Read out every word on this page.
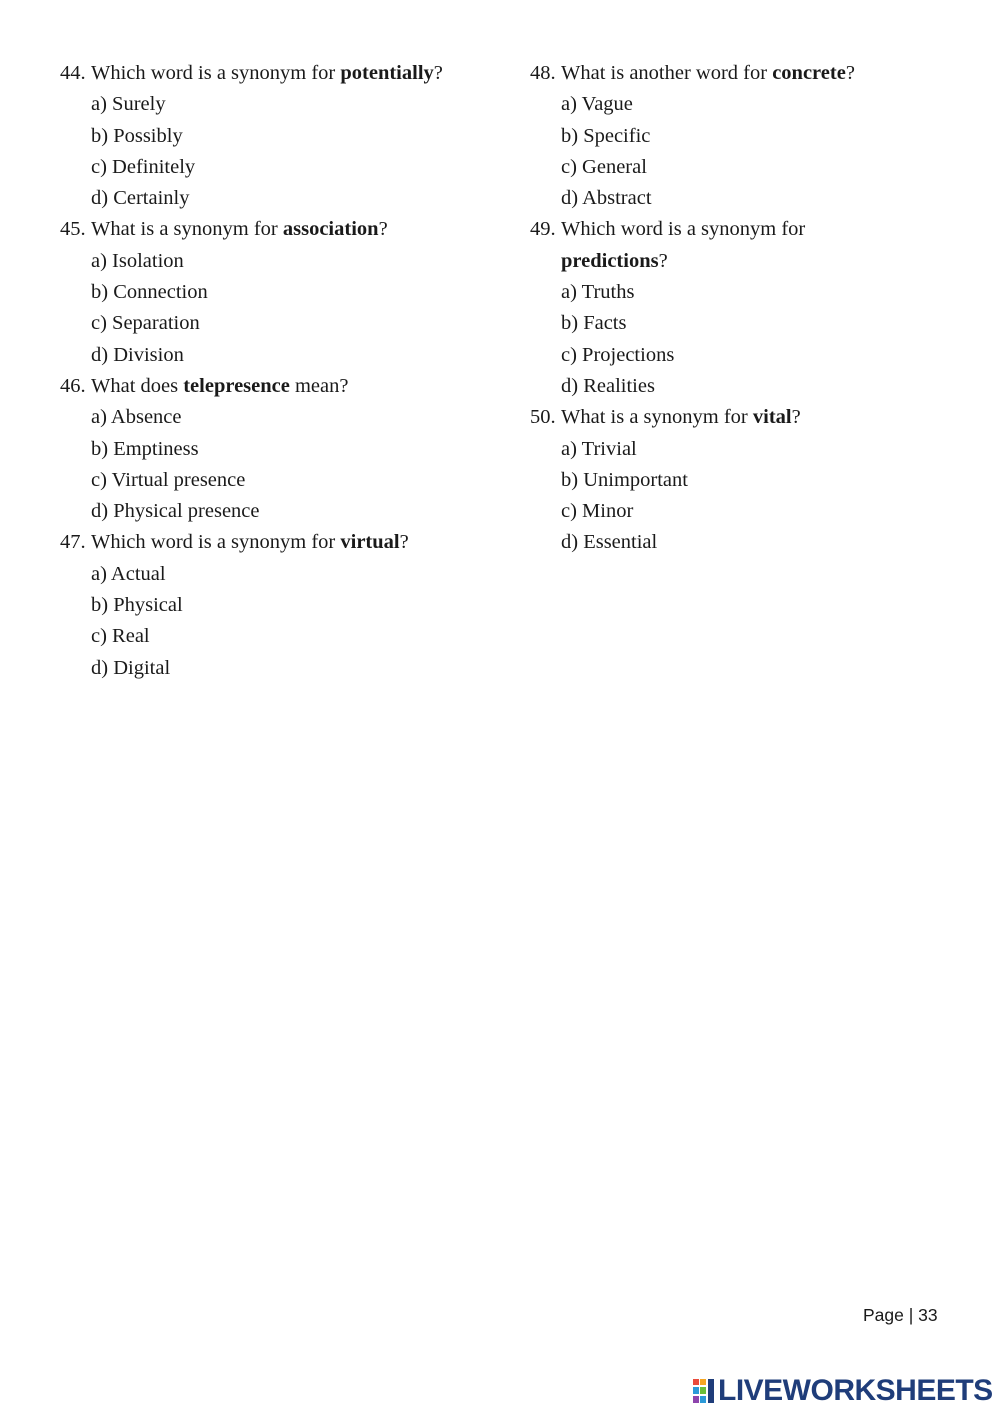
44. Which word is a synonym for potentially?
a) Surely
b) Possibly
c) Definitely
d) Certainly
45. What is a synonym for association?
a) Isolation
b) Connection
c) Separation
d) Division
46. What does telepresence mean?
a) Absence
b) Emptiness
c) Virtual presence
d) Physical presence
47. Which word is a synonym for virtual?
a) Actual
b) Physical
c) Real
d) Digital
48. What is another word for concrete?
a) Vague
b) Specific
c) General
d) Abstract
49. Which word is a synonym for predictions?
a) Truths
b) Facts
c) Projections
d) Realities
50. What is a synonym for vital?
a) Trivial
b) Unimportant
c) Minor
d) Essential
Page | 33
LIVEWORKSHEETS
